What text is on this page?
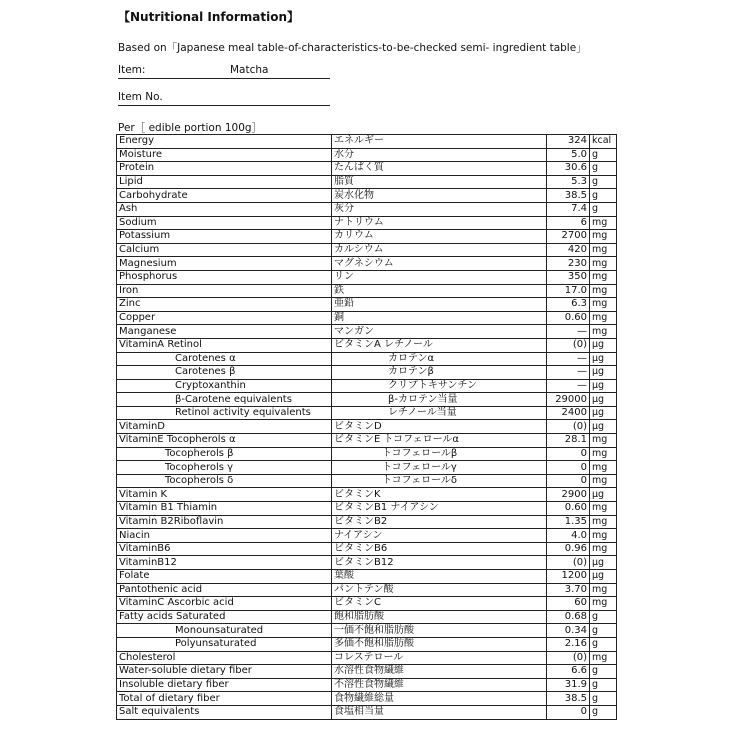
【Nutritional Information】
Based on「Japanese meal table-of-characteristics-to-be-checked semi- ingredient table」
Item:	Matcha
Item No.
Per［ edible portion 100g］
Energy	エネルギー	324	kcal
Moisture	水分	5.0	g
Protein	たんぱく質	30.6	g
Lipid	脂質	5.3	g
Carbohydrate	炭水化物	38.5	g
Ash	灰分	7.4	g
Sodium	ナトリウム	6	mg
Potassium	カリウム	2700	mg
Calcium	カルシウム	420	mg
Magnesium	マグネシウム	230	mg
Phosphorus	リン	350	mg
Iron	鉄	17.0	mg
Zinc	亜鉛	6.3	mg
Copper	銅	0.60	mg
Manganese	マンガン	—	mg
VitaminA Retinol	ビタミンA レチノール	(0)	μg
Carotenes α	カロテンα	—	μg
Carotenes β	カロテンβ	—	μg
Cryptoxanthin	クリプトキサンチン	—	μg
β-Carotene equivalents	β-カロテン当量	29000	μg
Retinol activity equivalents	レチノール当量	2400	μg
VitaminD	ビタミンD	(0)	μg
VitaminE Tocopherols α	ビタミンE トコフェロールα	28.1	mg
Tocopherols β	トコフェロールβ	0	mg
Tocopherols γ	トコフェロールγ	0	mg
Tocopherols δ	トコフェロールδ	0	mg
Vitamin K	ビタミンK	2900	μg
Vitamin B1 Thiamin	ビタミンB1 ナイアシン	0.60	mg
Vitamin B2Riboflavin	ビタミンB2	1.35	mg
Niacin	ナイアシン	4.0	mg
VitaminB6	ビタミンB6	0.96	mg
VitaminB12	ビタミンB12	(0)	μg
Folate	葉酸	1200	μg
Pantothenic acid	パントテン酸	3.70	mg
VitaminC Ascorbic acid	ビタミンC	60	mg
Fatty acids Saturated	飽和脂肪酸	0.68	g
Monounsaturated	一価不飽和脂肪酸	0.34	g
Polyunsaturated	多価不飽和脂肪酸	2.16	g
Cholesterol	コレステロール	(0)	mg
Water-soluble dietary fiber	水溶性食物繊維	6.6	g
Insoluble dietary fiber	不溶性食物繊維	31.9	g
Total of dietary fiber	食物繊維総量	38.5	g
Salt equivalents	食塩相当量	0	g
